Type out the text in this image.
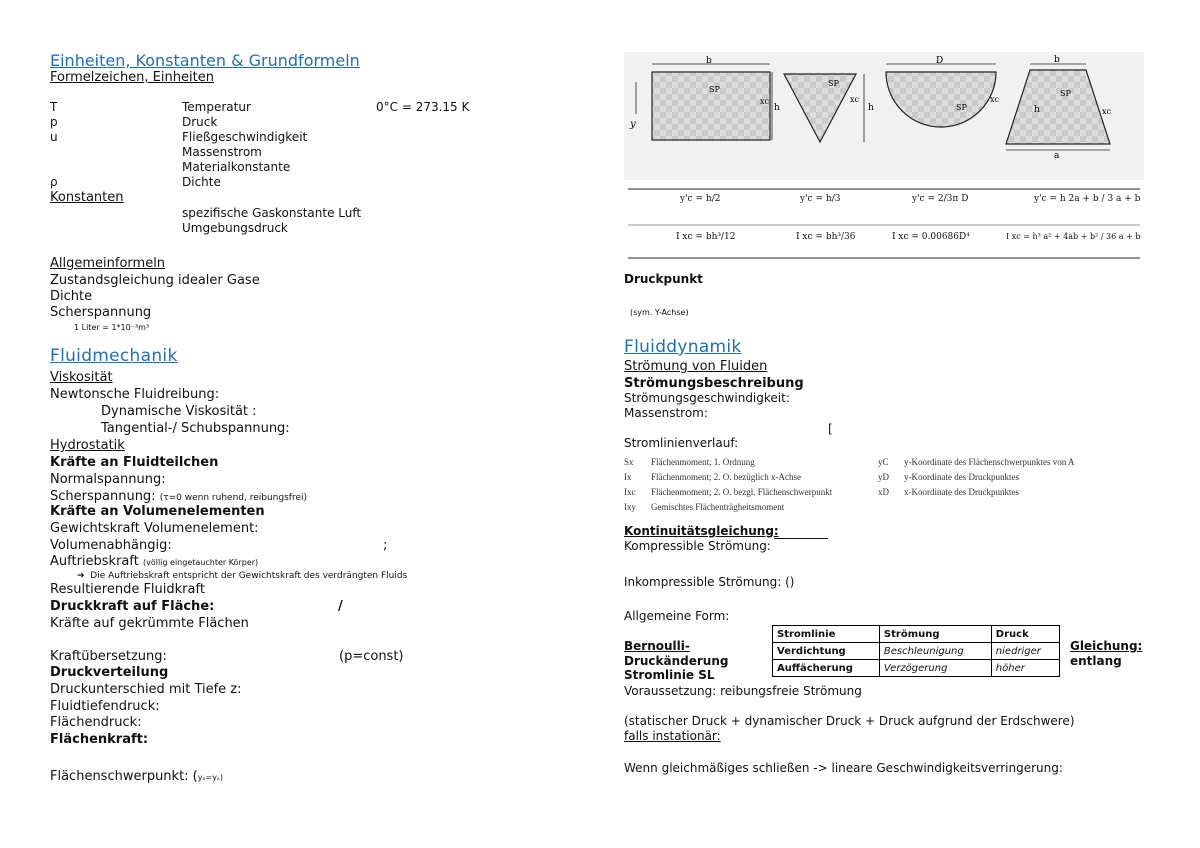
Einheiten, Konstanten & Grundformeln
Formelzeichen, Einheiten
T	Temperatur	0°C = 273.15 K
p	Druck
u	Fließgeschwindigkeit
Massenstrom
Materialkonstante
ρ	Dichte
Konstanten
spezifische Gaskonstante Luft
Umgebungsdruck
Allgemeinformeln
Zustandsgleichung idealer Gase
Dichte
Scherspannung
1 Liter = 1*10⁻³m³
Fluidmechanik
Viskosität
Newtonsche Fluidreibung:
Dynamische Viskosität :
Tangential-/ Schubspannung:
Hydrostatik
Kräfte an Fluidteilchen
Normalspannung:
Scherspannung: (τ=0 wenn ruhend, reibungsfrei)
Kräfte an Volumenelementen
Gewichtskraft Volumenelement:
Volumenabhängig:	;
Auftriebskraft (völlig eingetauchter Körper)
➔ Die Auftriebskraft entspricht der Gewichtskraft des verdrängten Fluids
Resultierende Fluidkraft
Druckkraft auf Fläche:	/
Kräfte auf gekrümmte Flächen
Kraftübersetzung:	(p=const)
Druckverteilung
Druckunterschied mit Tiefe z:
Fluidtiefendruck:
Flächendruck:
Flächenkraft:
Flächenschwerpunkt: (yₛ=yₛ)
b
h
xc
SP
y
h
xc
SP
D
SP
xc
b
a
h
SP
xc
y'c = h/2	y'c = h/3	y'c = 2/3π D	y'c = h 2a + b / 3 a + b
I xc = bh³/12	I xc = bh³/36	I xc = 0.00686D⁴	I xc = h³ a² + 4ab + b² / 36 a + b
Druckpunkt
(sym. Y-Achse)
Fluiddynamik
Strömung von Fluiden
Strömungsbeschreibung
Strömungsgeschwindigkeit:
Massenstrom:
[
Stromlinienverlauf:
Sx Flächenmoment; 1. Ordnung	yC y-Koordinate des Flächenschwerpunktes von A
Ix Flächenmoment; 2. O. bezüglich x-Achse	yD y-Koordinate des Druckpunktes
Ixc Flächenmoment; 2. O. bezgl. Flächenschwerpunkt	xD x-Koordinate des Druckpunktes
Ixy Gemischtes Flächenträgheitsmoment
Kontinuitätsgleichung:
Kompressible Strömung:
Inkompressible Strömung: ()
Allgemeine Form:
Bernoulli-
Druckänderung
Stromlinie SL
Gleichung:
entlang
Stromlinie	Strömung	Druck
Verdichtung	Beschleunigung	niedriger
Auffächerung	Verzögerung	höher
Voraussetzung: reibungsfreie Strömung
(statischer Druck + dynamischer Druck + Druck aufgrund der Erdschwere)
falls instationär:
Wenn gleichmäßiges schließen -> lineare Geschwindigkeitsverringerung:
